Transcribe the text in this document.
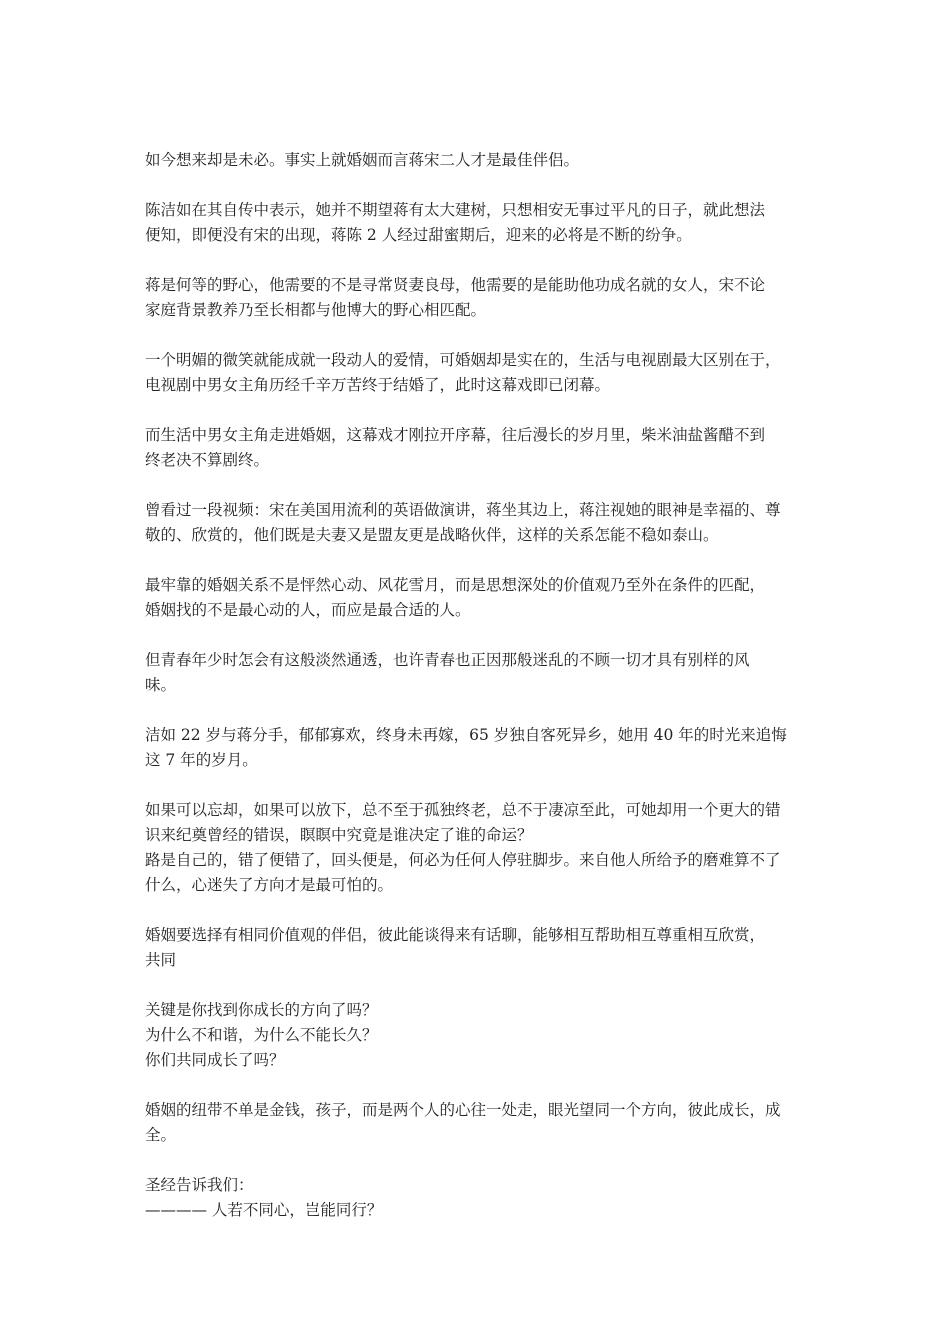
如今想来却是未必。事实上就婚姻而言蒋宋二人才是最佳伴侣。

陈洁如在其自传中表示，她并不期望蒋有太大建树，只想相安无事过平凡的日子，就此想法
便知，即便没有宋的出现，蒋陈 2 人经过甜蜜期后，迎来的必将是不断的纷争。

蒋是何等的野心，他需要的不是寻常贤妻良母，他需要的是能助他功成名就的女人，宋不论
家庭背景教养乃至长相都与他博大的野心相匹配。

一个明媚的微笑就能成就一段动人的爱情，可婚姻却是实在的，生活与电视剧最大区别在于，
电视剧中男女主角历经千辛万苦终于结婚了，此时这幕戏即已闭幕。

而生活中男女主角走进婚姻，这幕戏才刚拉开序幕，往后漫长的岁月里，柴米油盐酱醋不到
终老决不算剧终。

曾看过一段视频：宋在美国用流利的英语做演讲，蒋坐其边上，蒋注视她的眼神是幸福的、尊
敬的、欣赏的，他们既是夫妻又是盟友更是战略伙伴，这样的关系怎能不稳如泰山。

最牢靠的婚姻关系不是怦然心动、风花雪月，而是思想深处的价值观乃至外在条件的匹配，
婚姻找的不是最心动的人，而应是最合适的人。

但青春年少时怎会有这般淡然通透，也许青春也正因那般迷乱的不顾一切才具有别样的风
味。

洁如 22 岁与蒋分手，郁郁寡欢，终身未再嫁，65 岁独自客死异乡，她用 40 年的时光来追悔
这 7 年的岁月。

如果可以忘却，如果可以放下，总不至于孤独终老，总不于凄凉至此，可她却用一个更大的错
识来纪奠曾经的错误，瞑瞑中究竟是谁决定了谁的命运？
路是自己的，错了便错了，回头便是，何必为任何人停驻脚步。来自他人所给予的磨难算不了
什么，心迷失了方向才是最可怕的。

婚姻要选择有相同价值观的伴侣，彼此能谈得来有话聊，能够相互帮助相互尊重相互欣赏，
共同

关键是你找到你成长的方向了吗？
为什么不和谐，为什么不能长久？
你们共同成长了吗？

婚姻的纽带不单是金钱，孩子，而是两个人的心往一处走，眼光望同一个方向，彼此成长，成
全。

圣经告诉我们：
———— 人若不同心，岂能同行？
